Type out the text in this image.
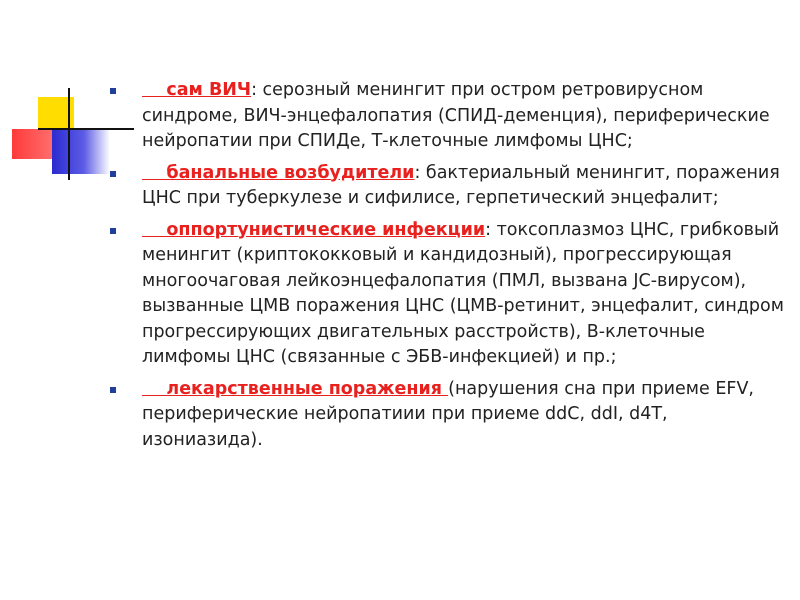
сам ВИЧ: серозный менингит при остром ретровирусном синдроме, ВИЧ-энцефалопатия (СПИД-деменция), периферические нейропатии при СПИДе, Т-клеточные лимфомы ЦНС;
банальные возбудители: бактериальный менингит, поражения ЦНС при туберкулезе и сифилисе, герпетический энцефалит;
оппортунистические инфекции: токсоплазмоз ЦНС, грибковый менингит (криптококковый и кандидозный), прогрессирующая многоочаговая лейкоэнцефалопатия (ПМЛ, вызвана JC-вирусом), вызванные ЦМВ поражения ЦНС (ЦМВ-ретинит, энцефалит, синдром прогрессирующих двигательных расстройств), В-клеточные лимфомы ЦНС (связанные с ЭБВ-инфекцией) и пр.;
лекарственные поражения (нарушения сна при приеме EFV, периферические нейропатиии при приеме ddC, ddI, d4T, изониазида).
